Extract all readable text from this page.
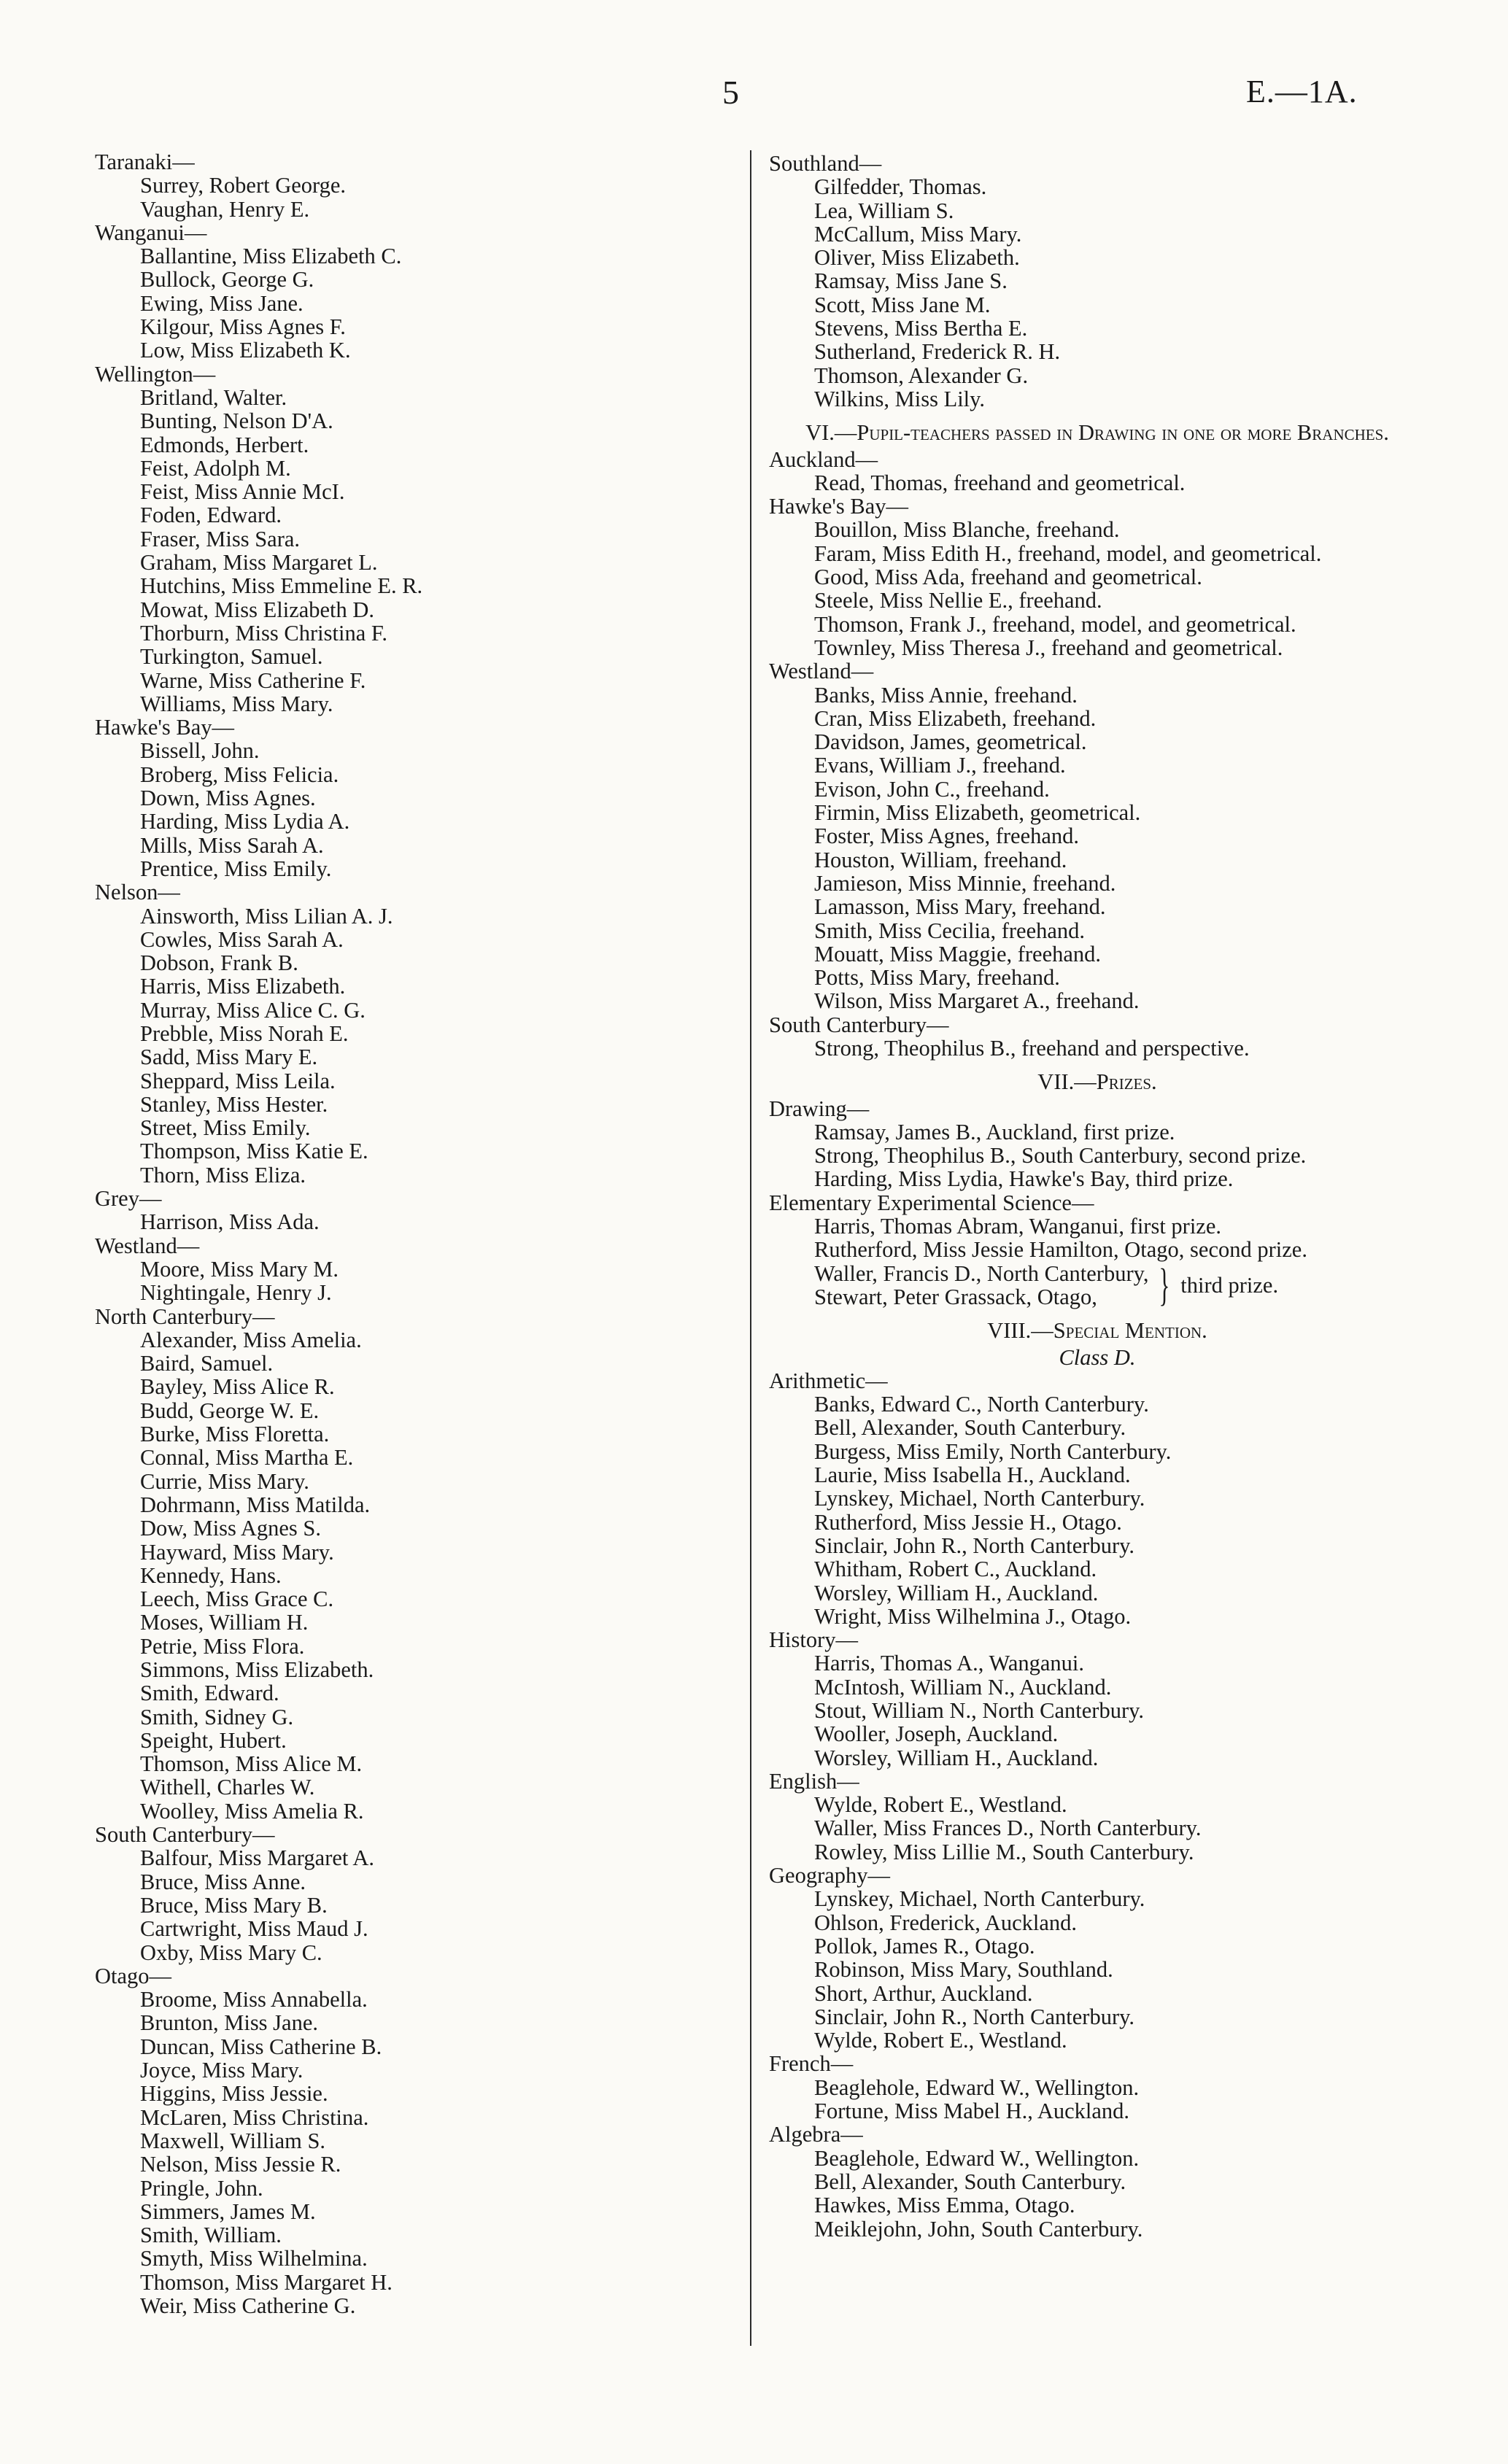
5	E.—1A.
Taranaki—
Surrey, Robert George.
Vaughan, Henry E.
Wanganui—
Ballantine, Miss Elizabeth C.
Bullock, George G.
Ewing, Miss Jane.
Kilgour, Miss Agnes F.
Low, Miss Elizabeth K.
Wellington—
Britland, Walter.
Bunting, Nelson D'A.
Edmonds, Herbert.
Feist, Adolph M.
Feist, Miss Annie McI.
Foden, Edward.
Fraser, Miss Sara.
Graham, Miss Margaret L.
Hutchins, Miss Emmeline E. R.
Mowat, Miss Elizabeth D.
Thorburn, Miss Christina F.
Turkington, Samuel.
Warne, Miss Catherine F.
Williams, Miss Mary.
Hawke's Bay—
Bissell, John.
Broberg, Miss Felicia.
Down, Miss Agnes.
Harding, Miss Lydia A.
Mills, Miss Sarah A.
Prentice, Miss Emily.
Nelson—
Ainsworth, Miss Lilian A. J.
Cowles, Miss Sarah A.
Dobson, Frank B.
Harris, Miss Elizabeth.
Murray, Miss Alice C. G.
Prebble, Miss Norah E.
Sadd, Miss Mary E.
Sheppard, Miss Leila.
Stanley, Miss Hester.
Street, Miss Emily.
Thompson, Miss Katie E.
Thorn, Miss Eliza.
Grey—
Harrison, Miss Ada.
Westland—
Moore, Miss Mary M.
Nightingale, Henry J.
North Canterbury—
Alexander, Miss Amelia.
Baird, Samuel.
Bayley, Miss Alice R.
Budd, George W. E.
Burke, Miss Floretta.
Connal, Miss Martha E.
Currie, Miss Mary.
Dohrmann, Miss Matilda.
Dow, Miss Agnes S.
Hayward, Miss Mary.
Kennedy, Hans.
Leech, Miss Grace C.
Moses, William H.
Petrie, Miss Flora.
Simmons, Miss Elizabeth.
Smith, Edward.
Smith, Sidney G.
Speight, Hubert.
Thomson, Miss Alice M.
Withell, Charles W.
Woolley, Miss Amelia R.
South Canterbury—
Balfour, Miss Margaret A.
Bruce, Miss Anne.
Bruce, Miss Mary B.
Cartwright, Miss Maud J.
Oxby, Miss Mary C.
Otago—
Broome, Miss Annabella.
Brunton, Miss Jane.
Duncan, Miss Catherine B.
Joyce, Miss Mary.
Higgins, Miss Jessie.
McLaren, Miss Christina.
Maxwell, William S.
Nelson, Miss Jessie R.
Pringle, John.
Simmers, James M.
Smith, William.
Smyth, Miss Wilhelmina.
Thomson, Miss Margaret H.
Weir, Miss Catherine G.
Southland—
Gilfedder, Thomas.
Lea, William S.
McCallum, Miss Mary.
Oliver, Miss Elizabeth.
Ramsay, Miss Jane S.
Scott, Miss Jane M.
Stevens, Miss Bertha E.
Sutherland, Frederick R. H.
Thomson, Alexander G.
Wilkins, Miss Lily.
VI.—Pupil-teachers passed in Drawing in one or more Branches.
Auckland—
Read, Thomas, freehand and geometrical.
Hawke's Bay—
Bouillon, Miss Blanche, freehand.
Faram, Miss Edith H., freehand, model, and geometrical.
Good, Miss Ada, freehand and geometrical.
Steele, Miss Nellie E., freehand.
Thomson, Frank J., freehand, model, and geometrical.
Townley, Miss Theresa J., freehand and geometrical.
Westland—
Banks, Miss Annie, freehand.
Cran, Miss Elizabeth, freehand.
Davidson, James, geometrical.
Evans, William J., freehand.
Evison, John C., freehand.
Firmin, Miss Elizabeth, geometrical.
Foster, Miss Agnes, freehand.
Houston, William, freehand.
Jamieson, Miss Minnie, freehand.
Lamasson, Miss Mary, freehand.
Smith, Miss Cecilia, freehand.
Mouatt, Miss Maggie, freehand.
Potts, Miss Mary, freehand.
Wilson, Miss Margaret A., freehand.
South Canterbury—
Strong, Theophilus B., freehand and perspective.
VII.—Prizes.
Drawing—
Ramsay, James B., Auckland, first prize.
Strong, Theophilus B., South Canterbury, second prize.
Harding, Miss Lydia, Hawke's Bay, third prize.
Elementary Experimental Science—
Harris, Thomas Abram, Wanganui, first prize.
Rutherford, Miss Jessie Hamilton, Otago, second prize.
Waller, Francis D., North Canterbury,
Stewart, Peter Grassack, Otago,	} third prize.
VIII.—Special Mention.
Class D.
Arithmetic—
Banks, Edward C., North Canterbury.
Bell, Alexander, South Canterbury.
Burgess, Miss Emily, North Canterbury.
Laurie, Miss Isabella H., Auckland.
Lynskey, Michael, North Canterbury.
Rutherford, Miss Jessie H., Otago.
Sinclair, John R., North Canterbury.
Whitham, Robert C., Auckland.
Worsley, William H., Auckland.
Wright, Miss Wilhelmina J., Otago.
History—
Harris, Thomas A., Wanganui.
McIntosh, William N., Auckland.
Stout, William N., North Canterbury.
Wooller, Joseph, Auckland.
Worsley, William H., Auckland.
English—
Wylde, Robert E., Westland.
Waller, Miss Frances D., North Canterbury.
Rowley, Miss Lillie M., South Canterbury.
Geography—
Lynskey, Michael, North Canterbury.
Ohlson, Frederick, Auckland.
Pollok, James R., Otago.
Robinson, Miss Mary, Southland.
Short, Arthur, Auckland.
Sinclair, John R., North Canterbury.
Wylde, Robert E., Westland.
French—
Beaglehole, Edward W., Wellington.
Fortune, Miss Mabel H., Auckland.
Algebra—
Beaglehole, Edward W., Wellington.
Bell, Alexander, South Canterbury.
Hawkes, Miss Emma, Otago.
Meiklejohn, John, South Canterbury.
